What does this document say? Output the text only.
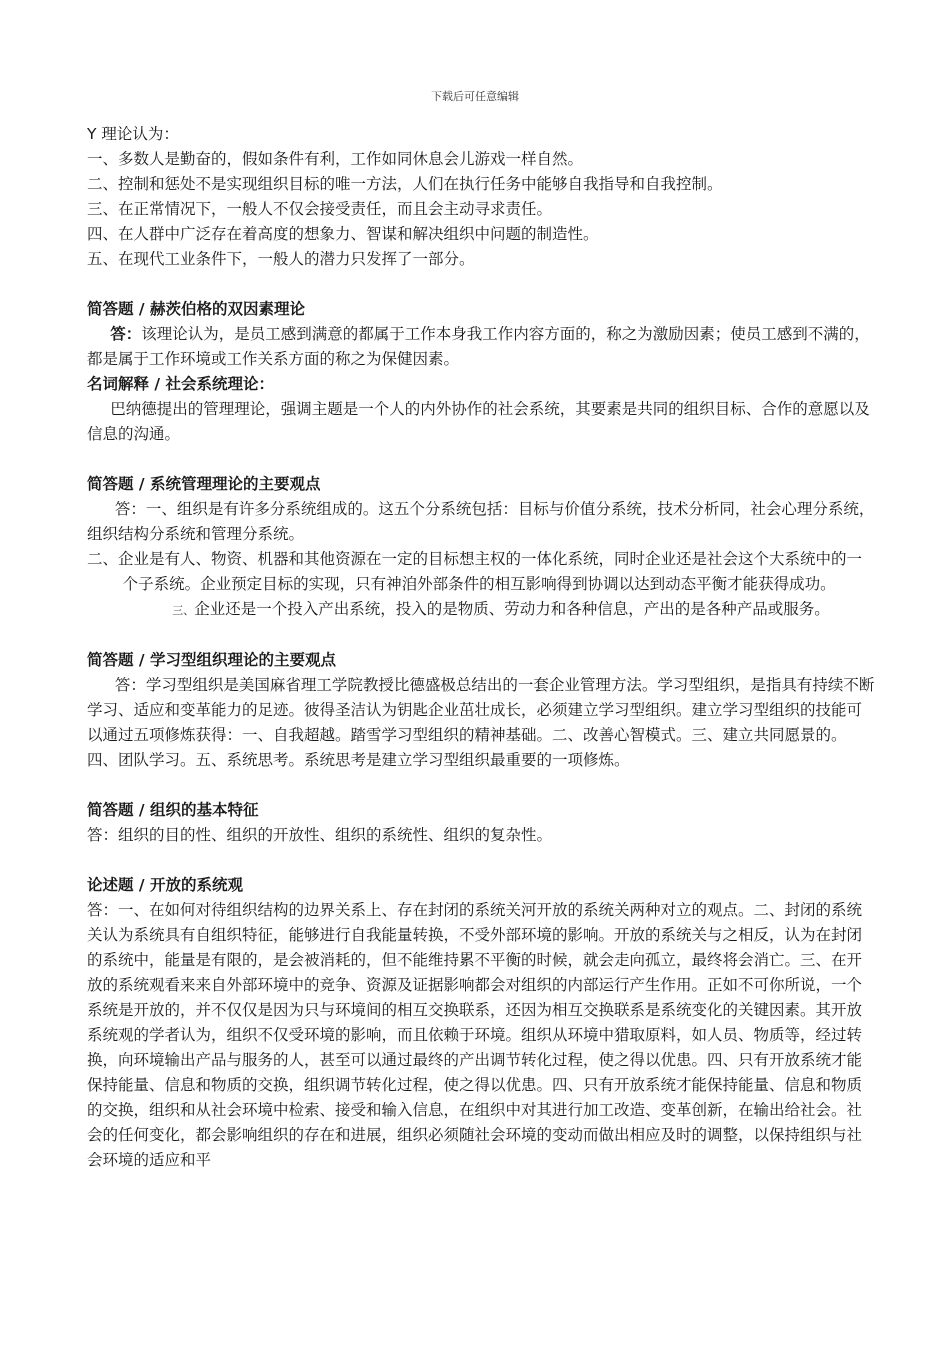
下载后可任意编辑

Y 理论认为：

一、多数人是勤奋的，假如条件有利，工作如同休息会儿游戏一样自然。

二、控制和惩处不是实现组织目标的唯一方法，人们在执行任务中能够自我指导和自我控制。

三、在正常情况下，一般人不仅会接受责任，而且会主动寻求责任。

四、在人群中广泛存在着高度的想象力、智谋和解决组织中问题的制造性。

五、在现代工业条件下，一般人的潜力只发挥了一部分。

简答题 / 赫茨伯格的双因素理论

答：该理论认为，是员工感到满意的都属于工作本身我工作内容方面的，称之为激励因素；使员工感到不满的，都是属于工作环境或工作关系方面的称之为保健因素。

名词解释 / 社会系统理论：

巴纳德提出的管理理论，强调主题是一个人的内外协作的社会系统，其要素是共同的组织目标、合作的意愿以及信息的沟通。

简答题 / 系统管理理论的主要观点

答：一、组织是有许多分系统组成的。这五个分系统包括：目标与价值分系统，技术分析同，社会心理分系统，组织结构分系统和管理分系统。

二、企业是有人、物资、机器和其他资源在一定的目标想主权的一体化系统，同时企业还是社会这个大系统中的一个子系统。企业预定目标的实现，只有神洎外部条件的相互影响得到协调以达到动态平衡才能获得成功。

三、企业还是一个投入产出系统，投入的是物质、劳动力和各种信息，产出的是各种产品或服务。

简答题 / 学习型组织理论的主要观点

答：学习型组织是美国麻省理工学院教授比德盛极总结出的一套企业管理方法。学习型组织，是指具有持续不断学习、适应和变革能力的足迹。彼得圣洁认为钥匙企业茁壮成长，必须建立学习型组织。建立学习型组织的技能可以通过五项修炼获得：一、自我超越。踏雪学习型组织的精神基础。二、改善心智模式。三、建立共同愿景的。四、团队学习。五、系统思考。系统思考是建立学习型组织最重要的一项修炼。

简答题 / 组织的基本特征

答：组织的目的性、组织的开放性、组织的系统性、组织的复杂性。

论述题 / 开放的系统观

答：一、在如何对待组织结构的边界关系上、存在封闭的系统关河开放的系统关两种对立的观点。二、封闭的系统关认为系统具有自组织特征，能够进行自我能量转换，不受外部环境的影响。开放的系统关与之相反，认为在封闭的系统中，能量是有限的，是会被消耗的，但不能维持累不平衡的时候，就会走向孤立，最终将会消亡。三、在开放的系统观看来来自外部环境中的竞争、资源及证据影响都会对组织的内部运行产生作用。正如不可你所说，一个系统是开放的，并不仅仅是因为只与环境间的相互交换联系，还因为相互交换联系是系统变化的关键因素。其开放系统观的学者认为，组织不仅受环境的影响，而且依赖于环境。组织从环境中猎取原料，如人员、物质等，经过转换，向环境输出产品与服务的人，甚至可以通过最终的产出调节转化过程，使之得以优患。四、只有开放系统才能保持能量、信息和物质的交换，组织调节转化过程，使之得以优患。四、只有开放系统才能保持能量、信息和物质的交换，组织和从社会环境中检索、接受和输入信息，在组织中对其进行加工改造、变革创新，在输出给社会。社会的任何变化，都会影响组织的存在和进展，组织必须随社会环境的变动而做出相应及时的调整，以保持组织与社会环境的适应和平
